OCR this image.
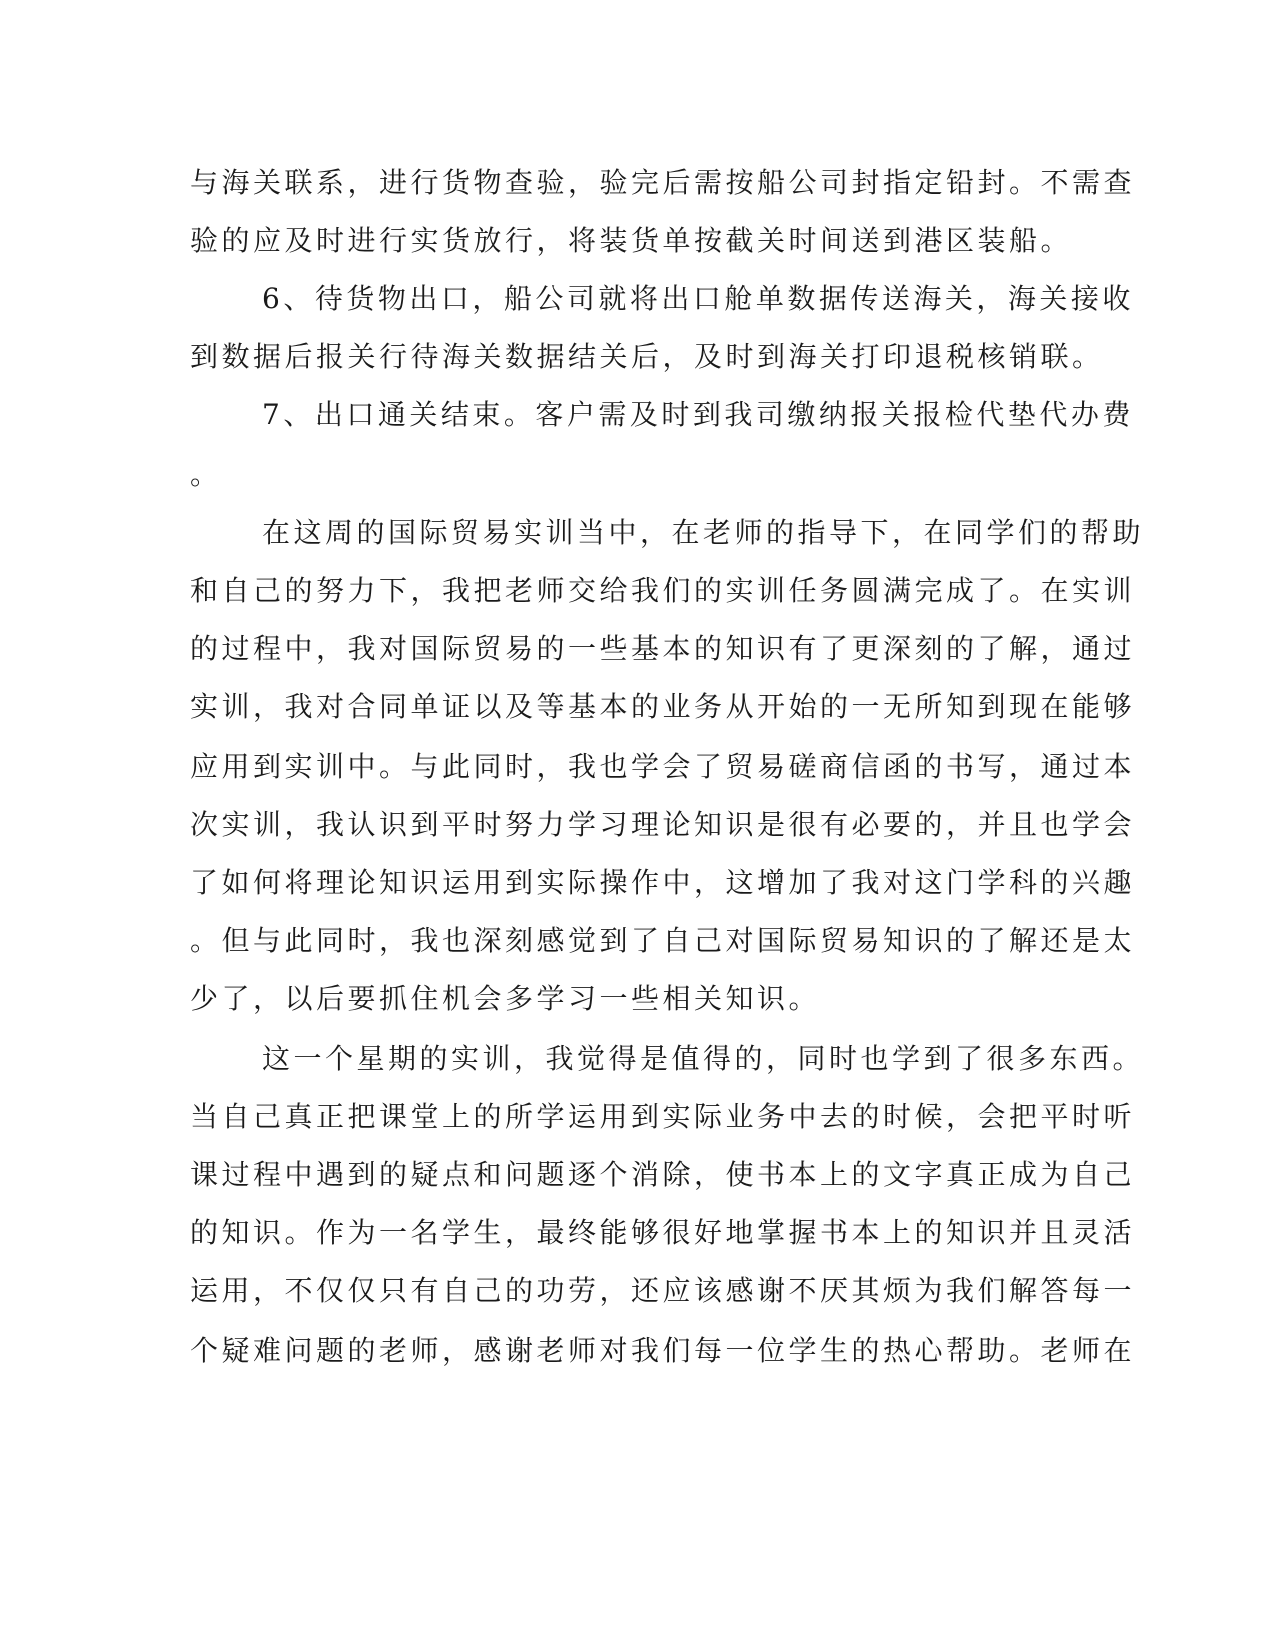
与海关联系，进行货物查验，验完后需按船公司封指定铅封。不需查
验的应及时进行实货放行，将装货单按截关时间送到港区装船。
6、待货物出口，船公司就将出口舱单数据传送海关，海关接收
到数据后报关行待海关数据结关后，及时到海关打印退税核销联。
7、出口通关结束。客户需及时到我司缴纳报关报检代垫代办费
。
在这周的国际贸易实训当中，在老师的指导下，在同学们的帮助
和自己的努力下，我把老师交给我们的实训任务圆满完成了。在实训
的过程中，我对国际贸易的一些基本的知识有了更深刻的了解，通过
实训，我对合同单证以及等基本的业务从开始的一无所知到现在能够
应用到实训中。与此同时，我也学会了贸易磋商信函的书写，通过本
次实训，我认识到平时努力学习理论知识是很有必要的，并且也学会
了如何将理论知识运用到实际操作中，这增加了我对这门学科的兴趣
。但与此同时，我也深刻感觉到了自己对国际贸易知识的了解还是太
少了，以后要抓住机会多学习一些相关知识。
这一个星期的实训，我觉得是值得的，同时也学到了很多东西。
当自己真正把课堂上的所学运用到实际业务中去的时候，会把平时听
课过程中遇到的疑点和问题逐个消除，使书本上的文字真正成为自己
的知识。作为一名学生，最终能够很好地掌握书本上的知识并且灵活
运用，不仅仅只有自己的功劳，还应该感谢不厌其烦为我们解答每一
个疑难问题的老师，感谢老师对我们每一位学生的热心帮助。老师在
